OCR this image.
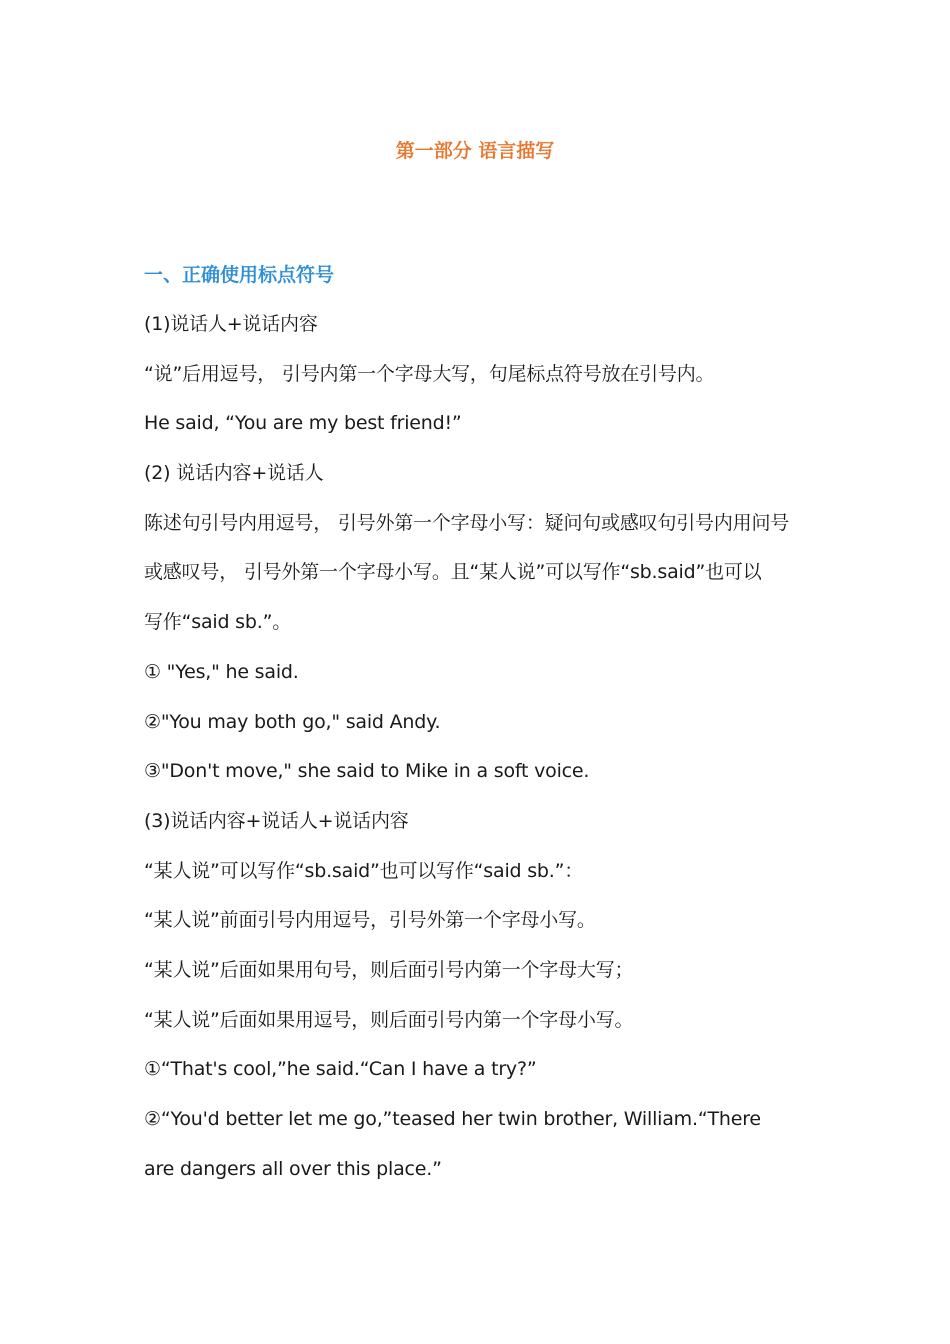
第一部分 语言描写
一、正确使用标点符号
(1)说话人+说话内容
“说”后用逗号， 引号内第一个字母大写，句尾标点符号放在引号内。
He said, “You are my best friend!”
(2) 说话内容+说话人
陈述句引号内用逗号， 引号外第一个字母小写：疑问句或感叹句引号内用问号
或感叹号， 引号外第一个字母小写。且“某人说”可以写作“sb.said”也可以
写作“said sb.”。
① "Yes," he said.
②"You may both go," said Andy.
③"Don't move," she said to Mike in a soft voice.
(3)说话内容+说话人+说话内容
“某人说”可以写作“sb.said”也可以写作“said sb.”：
“某人说”前面引号内用逗号，引号外第一个字母小写。
“某人说”后面如果用句号，则后面引号内第一个字母大写；
“某人说”后面如果用逗号，则后面引号内第一个字母小写。
①“That's cool,”he said.“Can I have a try?”
②“You'd better let me go,”teased her twin brother, William.“There
are dangers all over this place.”
